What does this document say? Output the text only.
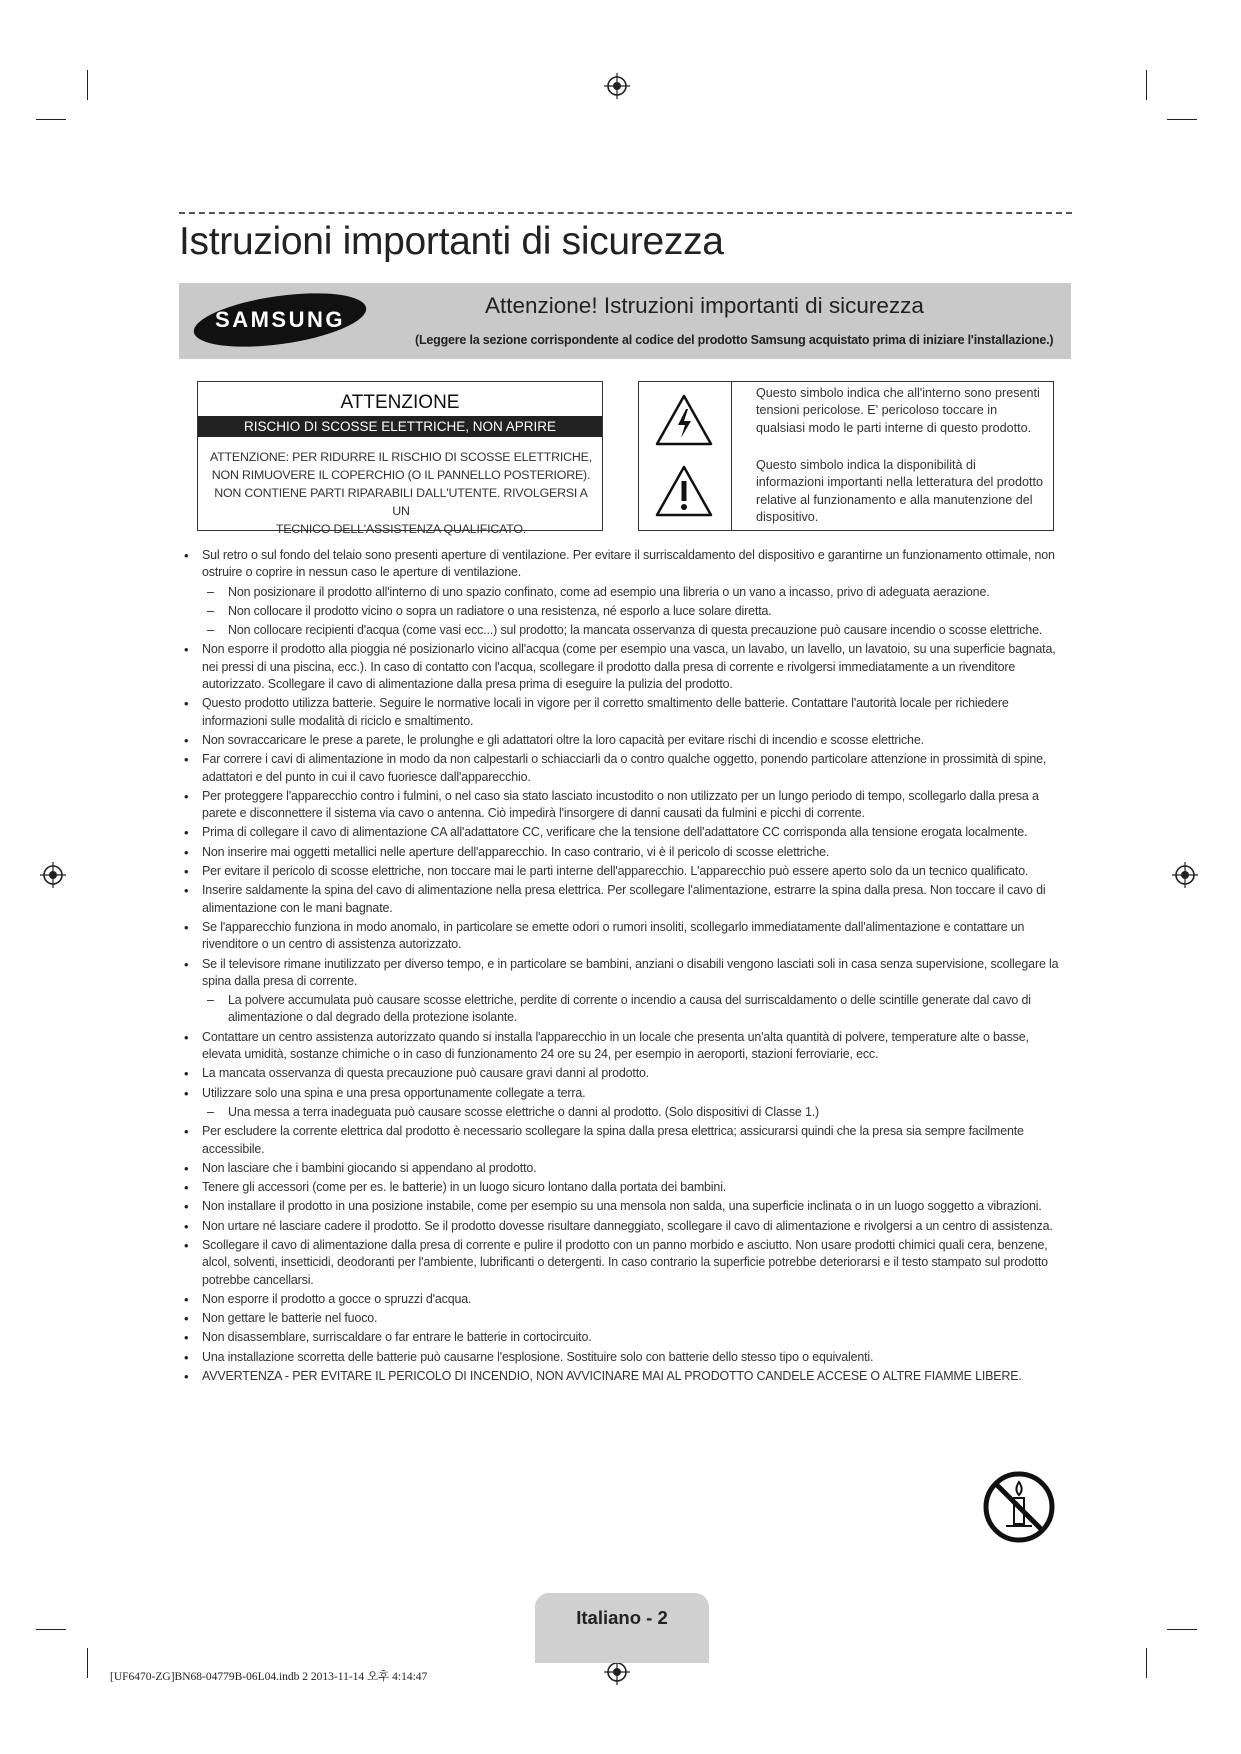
Istruzioni importanti di sicurezza
SAMSUNG
Attenzione! Istruzioni importanti di sicurezza
(Leggere la sezione corrispondente al codice del prodotto Samsung acquistato prima di iniziare l'installazione.)
ATTENZIONE
RISCHIO DI SCOSSE ELETTRICHE, NON APRIRE
ATTENZIONE: PER RIDURRE IL RISCHIO DI SCOSSE ELETTRICHE,
NON RIMUOVERE IL COPERCHIO (O IL PANNELLO POSTERIORE).
NON CONTIENE PARTI RIPARABILI DALL'UTENTE. RIVOLGERSI A UN
TECNICO DELL'ASSISTENZA QUALIFICATO.
Questo simbolo indica che all'interno sono presenti tensioni pericolose. E' pericoloso toccare in qualsiasi modo le parti interne di questo prodotto.
Questo simbolo indica la disponibilità di informazioni importanti nella letteratura del prodotto relative al funzionamento e alla manutenzione del dispositivo.
• Sul retro o sul fondo del telaio sono presenti aperture di ventilazione. Per evitare il surriscaldamento del dispositivo e garantirne un funzionamento ottimale, non ostruire o coprire in nessun caso le aperture di ventilazione.
– Non posizionare il prodotto all'interno di uno spazio confinato, come ad esempio una libreria o un vano a incasso, privo di adeguata aerazione.
– Non collocare il prodotto vicino o sopra un radiatore o una resistenza, né esporlo a luce solare diretta.
– Non collocare recipienti d'acqua (come vasi ecc...) sul prodotto; la mancata osservanza di questa precauzione può causare incendio o scosse elettriche.
• Non esporre il prodotto alla pioggia né posizionarlo vicino all'acqua (come per esempio una vasca, un lavabo, un lavello, un lavatoio, su una superficie bagnata, nei pressi di una piscina, ecc.). In caso di contatto con l'acqua, scollegare il prodotto dalla presa di corrente e rivolgersi immediatamente a un rivenditore autorizzato. Scollegare il cavo di alimentazione dalla presa prima di eseguire la pulizia del prodotto.
• Questo prodotto utilizza batterie. Seguire le normative locali in vigore per il corretto smaltimento delle batterie. Contattare l'autorità locale per richiedere informazioni sulle modalità di riciclo e smaltimento.
• Non sovraccaricare le prese a parete, le prolunghe e gli adattatori oltre la loro capacità per evitare rischi di incendio e scosse elettriche.
• Far correre i cavi di alimentazione in modo da non calpestarli o schiacciarli da o contro qualche oggetto, ponendo particolare attenzione in prossimità di spine, adattatori e del punto in cui il cavo fuoriesce dall'apparecchio.
• Per proteggere l'apparecchio contro i fulmini, o nel caso sia stato lasciato incustodito o non utilizzato per un lungo periodo di tempo, scollegarlo dalla presa a parete e disconnettere il sistema via cavo o antenna. Ciò impedirà l'insorgere di danni causati da fulmini e picchi di corrente.
• Prima di collegare il cavo di alimentazione CA all'adattatore CC, verificare che la tensione dell'adattatore CC corrisponda alla tensione erogata localmente.
• Non inserire mai oggetti metallici nelle aperture dell'apparecchio. In caso contrario, vi è il pericolo di scosse elettriche.
• Per evitare il pericolo di scosse elettriche, non toccare mai le parti interne dell'apparecchio. L'apparecchio può essere aperto solo da un tecnico qualificato.
• Inserire saldamente la spina del cavo di alimentazione nella presa elettrica. Per scollegare l'alimentazione, estrarre la spina dalla presa. Non toccare il cavo di alimentazione con le mani bagnate.
• Se l'apparecchio funziona in modo anomalo, in particolare se emette odori o rumori insoliti, scollegarlo immediatamente dall'alimentazione e contattare un rivenditore o un centro di assistenza autorizzato.
• Se il televisore rimane inutilizzato per diverso tempo, e in particolare se bambini, anziani o disabili vengono lasciati soli in casa senza supervisione, scollegare la spina dalla presa di corrente.
– La polvere accumulata può causare scosse elettriche, perdite di corrente o incendio a causa del surriscaldamento o delle scintille generate dal cavo di alimentazione o dal degrado della protezione isolante.
• Contattare un centro assistenza autorizzato quando si installa l'apparecchio in un locale che presenta un'alta quantità di polvere, temperature alte o basse, elevata umidità, sostanze chimiche o in caso di funzionamento 24 ore su 24, per esempio in aeroporti, stazioni ferroviarie, ecc.
• La mancata osservanza di questa precauzione può causare gravi danni al prodotto.
• Utilizzare solo una spina e una presa opportunamente collegate a terra.
– Una messa a terra inadeguata può causare scosse elettriche o danni al prodotto. (Solo dispositivi di Classe 1.)
• Per escludere la corrente elettrica dal prodotto è necessario scollegare la spina dalla presa elettrica; assicurarsi quindi che la presa sia sempre facilmente accessibile.
• Non lasciare che i bambini giocando si appendano al prodotto.
• Tenere gli accessori (come per es. le batterie) in un luogo sicuro lontano dalla portata dei bambini.
• Non installare il prodotto in una posizione instabile, come per esempio su una mensola non salda, una superficie inclinata o in un luogo soggetto a vibrazioni.
• Non urtare né lasciare cadere il prodotto. Se il prodotto dovesse risultare danneggiato, scollegare il cavo di alimentazione e rivolgersi a un centro di assistenza.
• Scollegare il cavo di alimentazione dalla presa di corrente e pulire il prodotto con un panno morbido e asciutto. Non usare prodotti chimici quali cera, benzene, alcol, solventi, insetticidi, deodoranti per l'ambiente, lubrificanti o detergenti. In caso contrario la superficie potrebbe deteriorarsi e il testo stampato sul prodotto potrebbe cancellarsi.
• Non esporre il prodotto a gocce o spruzzi d'acqua.
• Non gettare le batterie nel fuoco.
• Non disassemblare, surriscaldare o far entrare le batterie in cortocircuito.
• Una installazione scorretta delle batterie può causarne l'esplosione. Sostituire solo con batterie dello stesso tipo o equivalenti.
• AVVERTENZA - PER EVITARE IL PERICOLO DI INCENDIO, NON AVVICINARE MAI AL PRODOTTO CANDELE ACCESE O ALTRE FIAMME LIBERE.
Italiano - 2
[UF6470-ZG]BN68-04779B-06L04.indb 2 2013-11-14 오후 4:14:47
